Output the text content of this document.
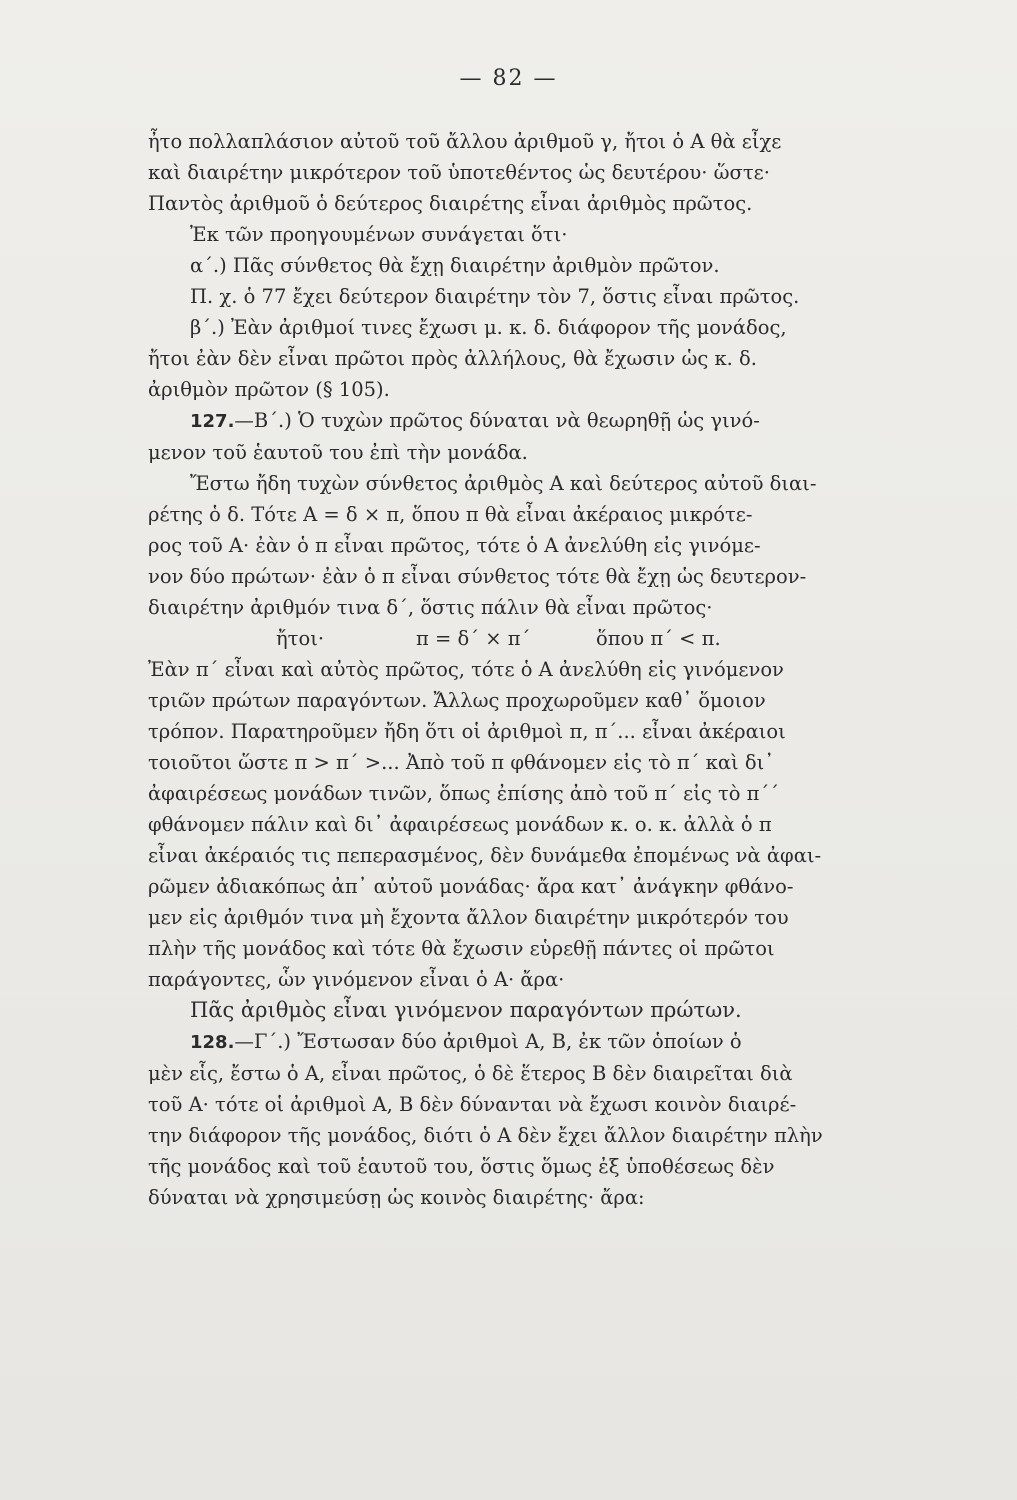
— 82 —
ἦτο πολλαπλάσιον αὐτοῦ τοῦ ἄλλου ἀριθμοῦ γ, ἤτοι ὁ Α θὰ εἶχε
καὶ διαιρέτην μικρότερον τοῦ ὑποτεθέντος ὡς δευτέρου· ὥστε·
Παντὸς ἀριθμοῦ ὁ δεύτερος διαιρέτης εἶναι ἀριθμὸς πρῶτος.
Ἐκ τῶν προηγουμένων συνάγεται ὅτι·
α΄.) Πᾶς σύνθετος θὰ ἔχῃ διαιρέτην ἀριθμὸν πρῶτον.
Π. χ. ὁ 77 ἔχει δεύτερον διαιρέτην τὸν 7, ὅστις εἶναι πρῶτος.
β΄.) Ἐὰν ἀριθμοί τινες ἔχωσι μ. κ. δ. διάφορον τῆς μονάδος,
ἤτοι ἐὰν δὲν εἶναι πρῶτοι πρὸς ἀλλήλους, θὰ ἔχωσιν ὡς κ. δ.
ἀριθμὸν πρῶτον (§ 105).
127.—Β΄.) Ὁ τυχὼν πρῶτος δύναται νὰ θεωρηθῇ ὡς γινό-
μενον τοῦ ἑαυτοῦ του ἐπὶ τὴν μονάδα.
Ἔστω ἤδη τυχὼν σύνθετος ἀριθμὸς Α καὶ δεύτερος αὐτοῦ διαι-
ρέτης ὁ δ. Τότε Α = δ × π, ὅπου π θὰ εἶναι ἀκέραιος μικρότε-
ρος τοῦ Α· ἐὰν ὁ π εἶναι πρῶτος, τότε ὁ Α ἀνελύθη εἰς γινόμε-
νον δύο πρώτων· ἐὰν ὁ π εἶναι σύνθετος τότε θὰ ἔχῃ ὡς δευτερον-
διαιρέτην ἀριθμόν τινα δ΄, ὅστις πάλιν θὰ εἶναι πρῶτος·
ἤτοι·	π = δ΄ × π΄	ὅπου π΄ < π.
Ἐὰν π΄ εἶναι καὶ αὐτὸς πρῶτος, τότε ὁ Α ἀνελύθη εἰς γινόμενον
τριῶν πρώτων παραγόντων. Ἄλλως προχωροῦμεν καθ᾿ ὅμοιον
τρόπον. Παρατηροῦμεν ἤδη ὅτι οἱ ἀριθμοὶ π, π΄... εἶναι ἀκέραιοι
τοιοῦτοι ὥστε π > π΄ >... Ἀπὸ τοῦ π φθάνομεν εἰς τὸ π΄ καὶ δι᾿
ἀφαιρέσεως μονάδων τινῶν, ὅπως ἐπίσης ἀπὸ τοῦ π΄ εἰς τὸ π΄΄
φθάνομεν πάλιν καὶ δι᾿ ἀφαιρέσεως μονάδων κ. ο. κ. ἀλλὰ ὁ π
εἶναι ἀκέραιός τις πεπερασμένος, δὲν δυνάμεθα ἐπομένως νὰ ἀφαι-
ρῶμεν ἀδιακόπως ἀπ᾿ αὐτοῦ μονάδας· ἄρα κατ᾿ ἀνάγκην φθάνο-
μεν εἰς ἀριθμόν τινα μὴ ἔχοντα ἄλλον διαιρέτην μικρότερόν του
πλὴν τῆς μονάδος καὶ τότε θὰ ἔχωσιν εὑρεθῇ πάντες οἱ πρῶτοι
παράγοντες, ὧν γινόμενον εἶναι ὁ Α· ἄρα·
Πᾶς ἀριθμὸς εἶναι γινόμενον παραγόντων πρώτων.
128.—Γ΄.) Ἔστωσαν δύο ἀριθμοὶ Α, Β, ἐκ τῶν ὁποίων ὁ
μὲν εἷς, ἔστω ὁ Α, εἶναι πρῶτος, ὁ δὲ ἕτερος Β δὲν διαιρεῖται διὰ
τοῦ Α· τότε οἱ ἀριθμοὶ Α, Β δὲν δύνανται νὰ ἔχωσι κοινὸν διαιρέ-
την διάφορον τῆς μονάδος, διότι ὁ Α δὲν ἔχει ἄλλον διαιρέτην πλὴν
τῆς μονάδος καὶ τοῦ ἑαυτοῦ του, ὅστις ὅμως ἐξ ὑποθέσεως δὲν
δύναται νὰ χρησιμεύσῃ ὡς κοινὸς διαιρέτης· ἄρα:
